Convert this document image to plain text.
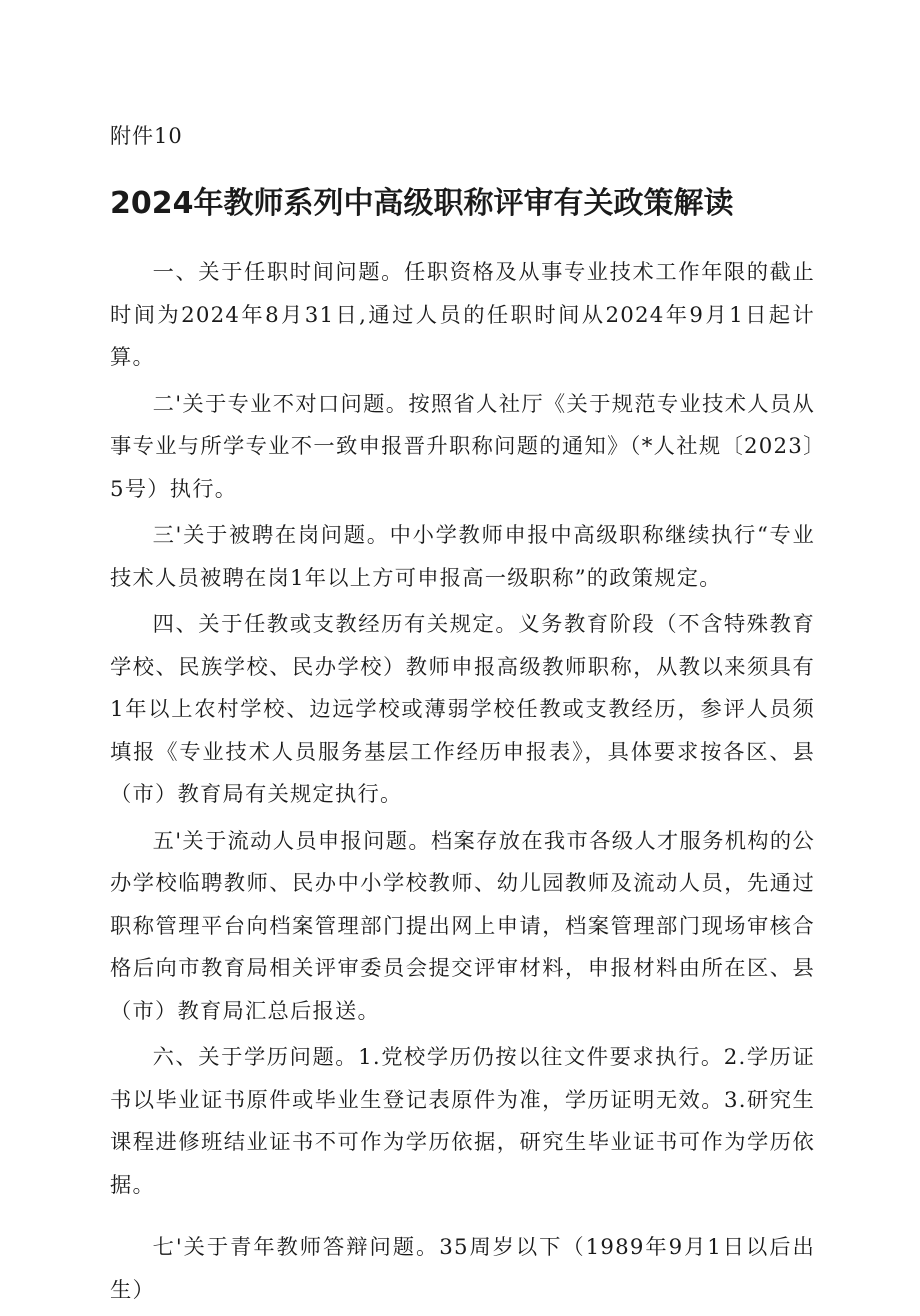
附件10
2024年教师系列中高级职称评审有关政策解读

一、关于任职时间问题。任职资格及从事专业技术工作年限的截止时间为2024年8月31日,通过人员的任职时间从2024年9月1日起计算。

二'关于专业不对口问题。按照省人社厅《关于规范专业技术人员从事专业与所学专业不一致申报晋升职称问题的通知》（*人社规〔2023〕5号）执行。

三'关于被聘在岗问题。中小学教师申报中高级职称继续执行“专业技术人员被聘在岗1年以上方可申报高一级职称”的政策规定。

四、关于任教或支教经历有关规定。义务教育阶段（不含特殊教育学校、民族学校、民办学校）教师申报高级教师职称，从教以来须具有1年以上农村学校、边远学校或薄弱学校任教或支教经历，参评人员须填报《专业技术人员服务基层工作经历申报表》，具体要求按各区、县（市）教育局有关规定执行。

五'关于流动人员申报问题。档案存放在我市各级人才服务机构的公办学校临聘教师、民办中小学校教师、幼儿园教师及流动人员，先通过职称管理平台向档案管理部门提出网上申请，档案管理部门现场审核合格后向市教育局相关评审委员会提交评审材料，申报材料由所在区、县（市）教育局汇总后报送。

六、关于学历问题。1.党校学历仍按以往文件要求执行。2.学历证书以毕业证书原件或毕业生登记表原件为准，学历证明无效。3.研究生课程进修班结业证书不可作为学历依据，研究生毕业证书可作为学历依据。

七'关于青年教师答辩问题。35周岁以下（1989年9月1日以后出生）
